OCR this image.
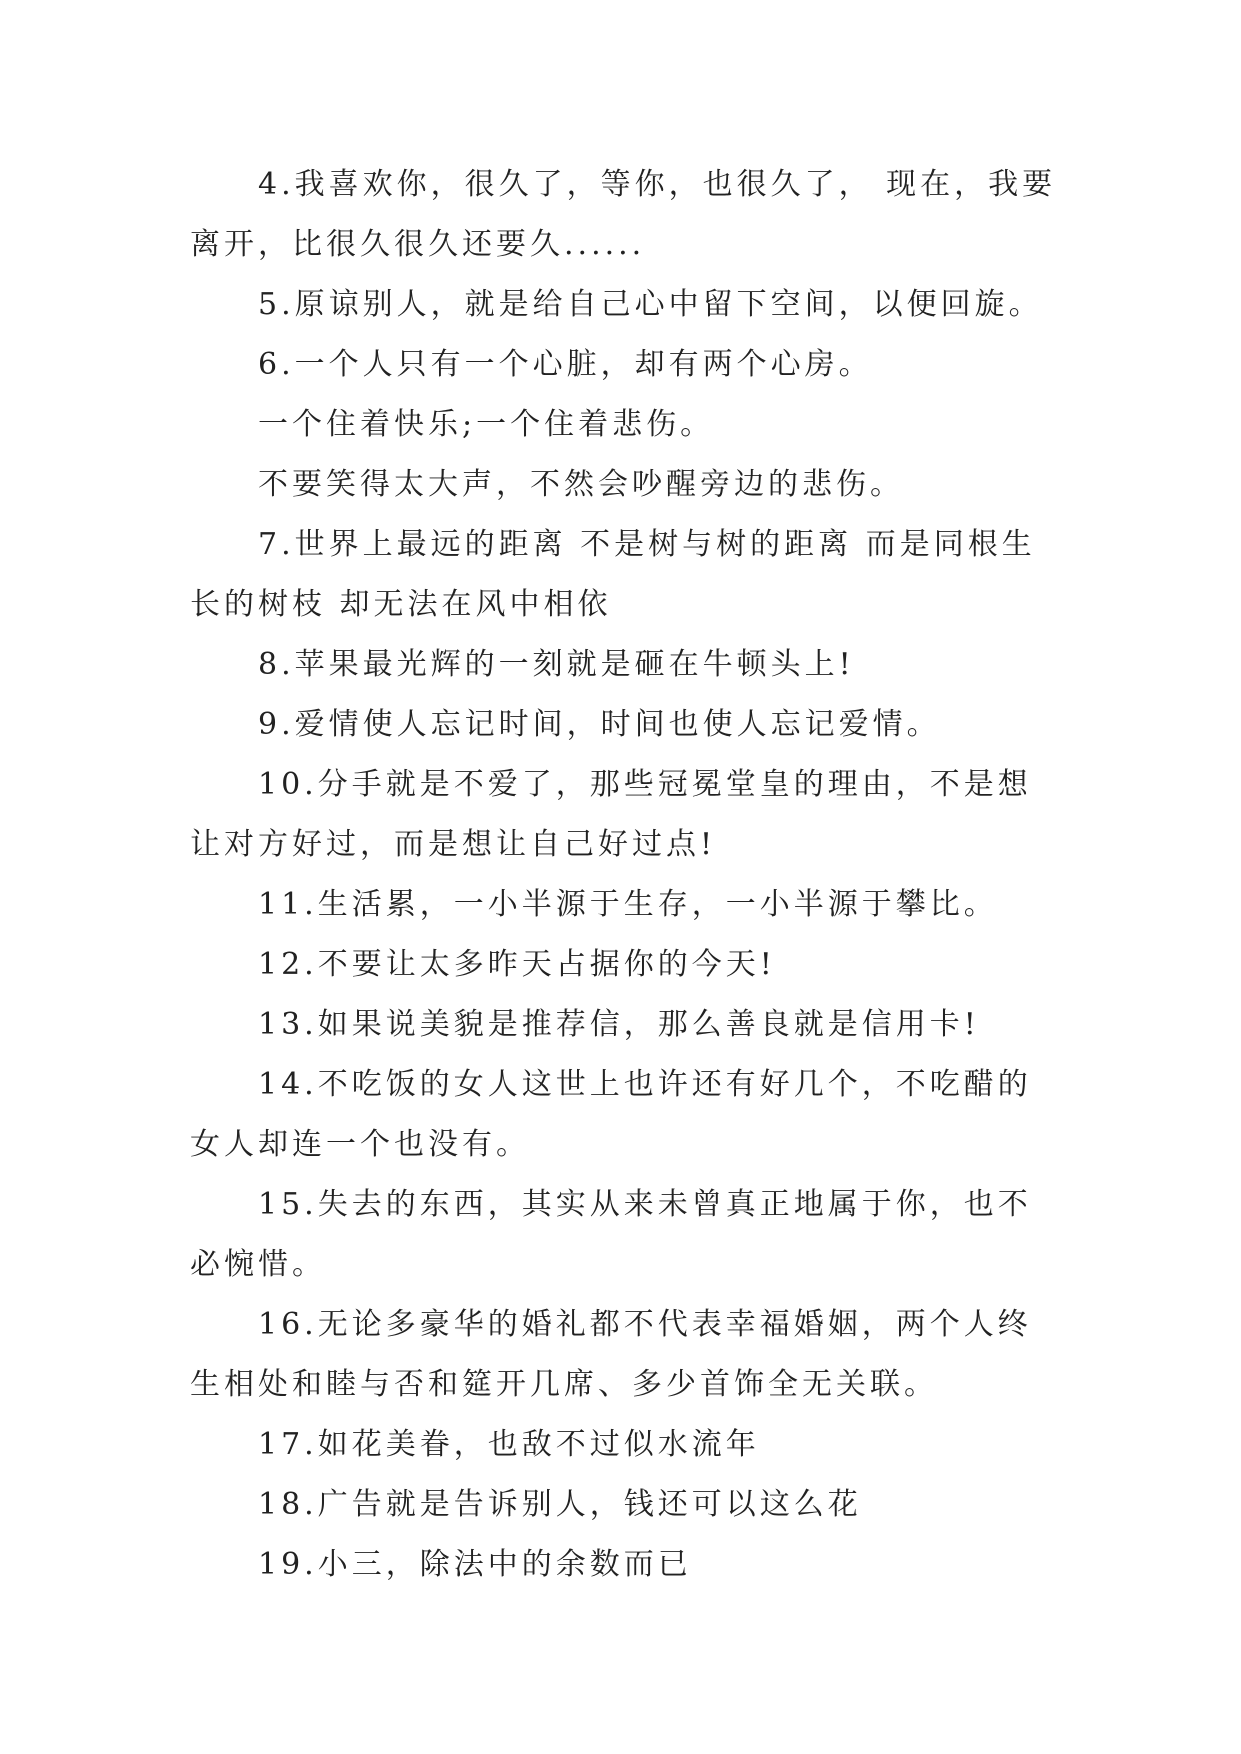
4.我喜欢你，很久了，等你，也很久了， 现在，我要离开，比很久很久还要久......

5.原谅别人，就是给自己心中留下空间，以便回旋。

6.一个人只有一个心脏，却有两个心房。

一个住着快乐;一个住着悲伤。

不要笑得太大声，不然会吵醒旁边的悲伤。

7.世界上最远的距离 不是树与树的距离 而是同根生长的树枝 却无法在风中相依

8.苹果最光辉的一刻就是砸在牛顿头上!

9.爱情使人忘记时间，时间也使人忘记爱情。

10.分手就是不爱了，那些冠冕堂皇的理由，不是想让对方好过，而是想让自己好过点!

11.生活累，一小半源于生存，一小半源于攀比。

12.不要让太多昨天占据你的今天!

13.如果说美貌是推荐信，那么善良就是信用卡!

14.不吃饭的女人这世上也许还有好几个，不吃醋的女人却连一个也没有。

15.失去的东西，其实从来未曾真正地属于你，也不必惋惜。

16.无论多豪华的婚礼都不代表幸福婚姻，两个人终生相处和睦与否和筵开几席、多少首饰全无关联。

17.如花美眷，也敌不过似水流年

18.广告就是告诉别人，钱还可以这么花

19.小三，除法中的余数而已
